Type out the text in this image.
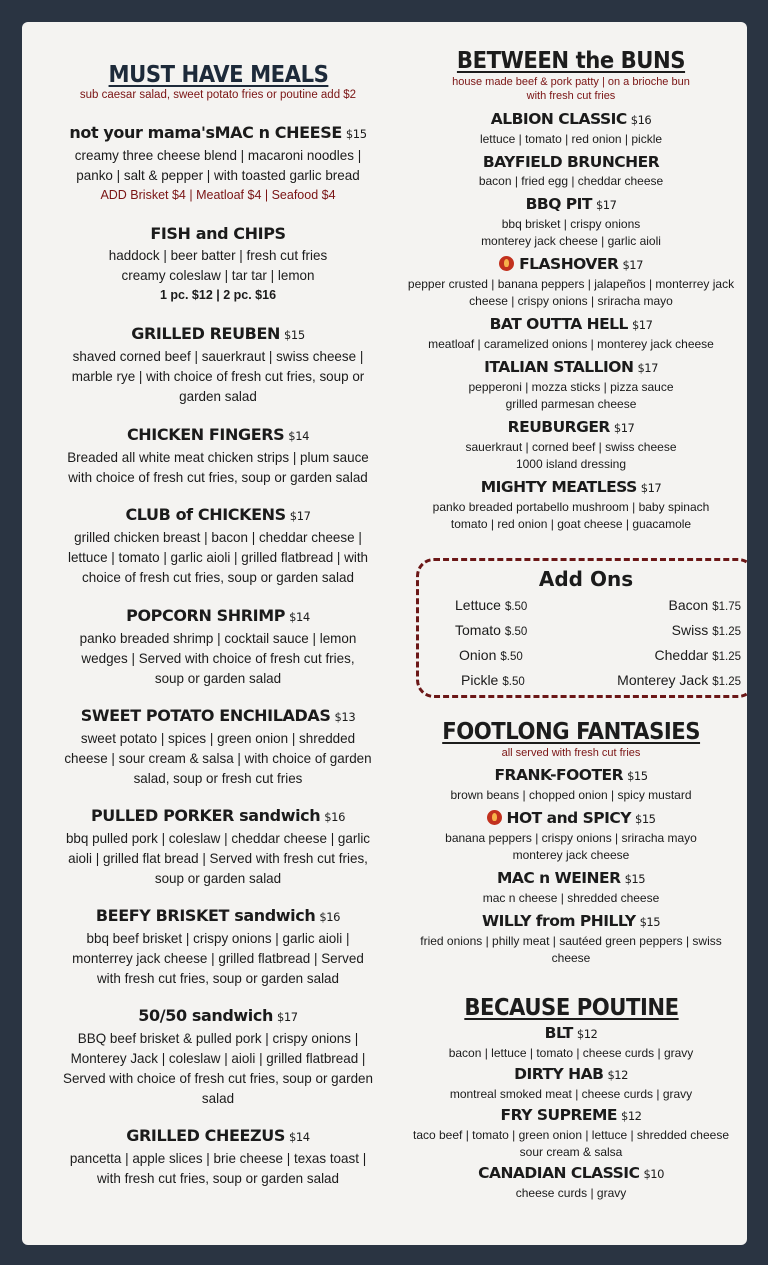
MUST HAVE MEALS
sub caesar salad, sweet potato fries or poutine add $2
not your mama'sMAC n CHEESE $15
creamy three cheese blend | macaroni noodles |
panko | salt & pepper | with toasted garlic bread
ADD Brisket $4 | Meatloaf $4 | Seafood $4
FISH and CHIPS
haddock | beer batter | fresh cut fries
creamy coleslaw | tar tar | lemon
1 pc. $12 | 2 pc. $16
GRILLED REUBEN $15
shaved corned beef | sauerkraut | swiss cheese |
marble rye | with choice of fresh cut fries, soup or
garden salad
CHICKEN FINGERS $14
Breaded all white meat chicken strips | plum sauce
with choice of fresh cut fries, soup or garden salad
CLUB of CHICKENS $17
grilled chicken breast | bacon | cheddar cheese |
lettuce | tomato | garlic aioli | grilled flatbread | with
choice of fresh cut fries, soup or garden salad
POPCORN SHRIMP $14
panko breaded shrimp | cocktail sauce | lemon
wedges | Served with choice of fresh cut fries,
soup or garden salad
SWEET POTATO ENCHILADAS $13
sweet potato | spices | green onion | shredded
cheese | sour cream & salsa | with choice of garden
salad, soup or fresh cut fries
PULLED PORKER sandwich $16
bbq pulled pork | coleslaw | cheddar cheese | garlic
aioli | grilled flat bread | Served with fresh cut fries,
soup or garden salad
BEEFY BRISKET sandwich $16
bbq beef brisket | crispy onions | garlic aioli |
monterrey jack cheese | grilled flatbread | Served
with fresh cut fries, soup or garden salad
50/50 sandwich $17
BBQ beef brisket & pulled pork | crispy onions |
Monterey Jack | coleslaw | aioli | grilled flatbread |
Served with choice of fresh cut fries, soup or garden
salad
GRILLED CHEEZUS $14
pancetta | apple slices | brie cheese | texas toast |
with fresh cut fries, soup or garden salad
BETWEEN the BUNS
house made beef & pork patty | on a brioche bun
with fresh cut fries
ALBION CLASSIC $16
lettuce | tomato | red onion | pickle
BAYFIELD BRUNCHER
bacon | fried egg | cheddar cheese
BBQ PIT $17
bbq brisket | crispy onions
monterey jack cheese | garlic aioli
FLASHOVER $17
pepper crusted | banana peppers | jalapeños | monterrey jack
cheese | crispy onions | sriracha mayo
BAT OUTTA HELL $17
meatloaf | caramelized onions | monterey jack cheese
ITALIAN STALLION $17
pepperoni | mozza sticks | pizza sauce
grilled parmesan cheese
REUBURGER $17
sauerkraut | corned beef | swiss cheese
1000 island dressing
MIGHTY MEATLESS $17
panko breaded portabello mushroom | baby spinach
tomato | red onion | goat cheese | guacamole
FOOTLONG FANTASIES
all served with fresh cut fries
FRANK-FOOTER $15
brown beans | chopped onion | spicy mustard
HOT and SPICY $15
banana peppers | crispy onions | sriracha mayo
monterey jack cheese
MAC n WEINER $15
mac n cheese | shredded cheese
WILLY from PHILLY $15
fried onions | philly meat | sautéed green peppers | swiss
cheese
BECAUSE POUTINE
BLT $12
bacon | lettuce | tomato | cheese curds | gravy
DIRTY HAB $12
montreal smoked meat | cheese curds | gravy
FRY SUPREME $12
taco beef | tomato | green onion | lettuce | shredded cheese
sour cream & salsa
CANADIAN CLASSIC $10
cheese curds | gravy
Add Ons
Lettuce $.50
Tomato $.50
Onion $.50
Pickle $.50
Bacon $1.75
Swiss $1.25
Cheddar $1.25
Monterey Jack $1.25
